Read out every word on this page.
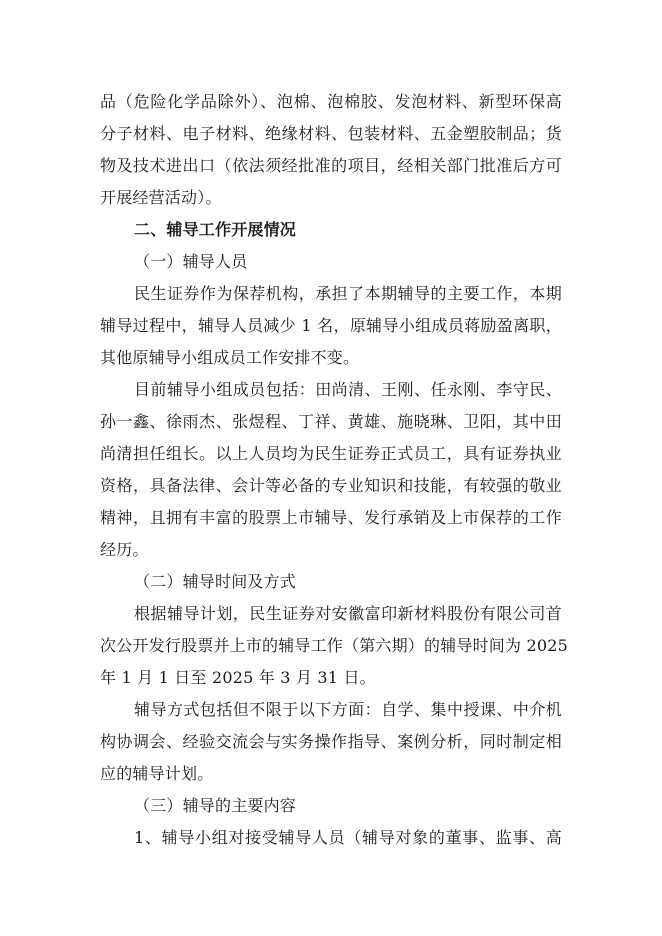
品（危险化学品除外）、泡棉、泡棉胶、发泡材料、新型环保高
分子材料、电子材料、绝缘材料、包装材料、五金塑胶制品；货
物及技术进出口（依法须经批准的项目，经相关部门批准后方可
开展经营活动）。
二、辅导工作开展情况
（一）辅导人员
民生证券作为保荐机构，承担了本期辅导的主要工作，本期
辅导过程中，辅导人员减少 1 名，原辅导小组成员蒋励盈离职，
其他原辅导小组成员工作安排不变。
目前辅导小组成员包括：田尚清、王刚、任永刚、李守民、
孙一鑫、徐雨杰、张煜程、丁祥、黄雄、施晓琳、卫阳，其中田
尚清担任组长。以上人员均为民生证券正式员工，具有证券执业
资格，具备法律、会计等必备的专业知识和技能，有较强的敬业
精神，且拥有丰富的股票上市辅导、发行承销及上市保荐的工作
经历。
（二）辅导时间及方式
根据辅导计划，民生证券对安徽富印新材料股份有限公司首
次公开发行股票并上市的辅导工作（第六期）的辅导时间为 2025
年 1 月 1 日至 2025 年 3 月 31 日。
辅导方式包括但不限于以下方面：自学、集中授课、中介机
构协调会、经验交流会与实务操作指导、案例分析，同时制定相
应的辅导计划。
（三）辅导的主要内容
1、辅导小组对接受辅导人员（辅导对象的董事、监事、高
